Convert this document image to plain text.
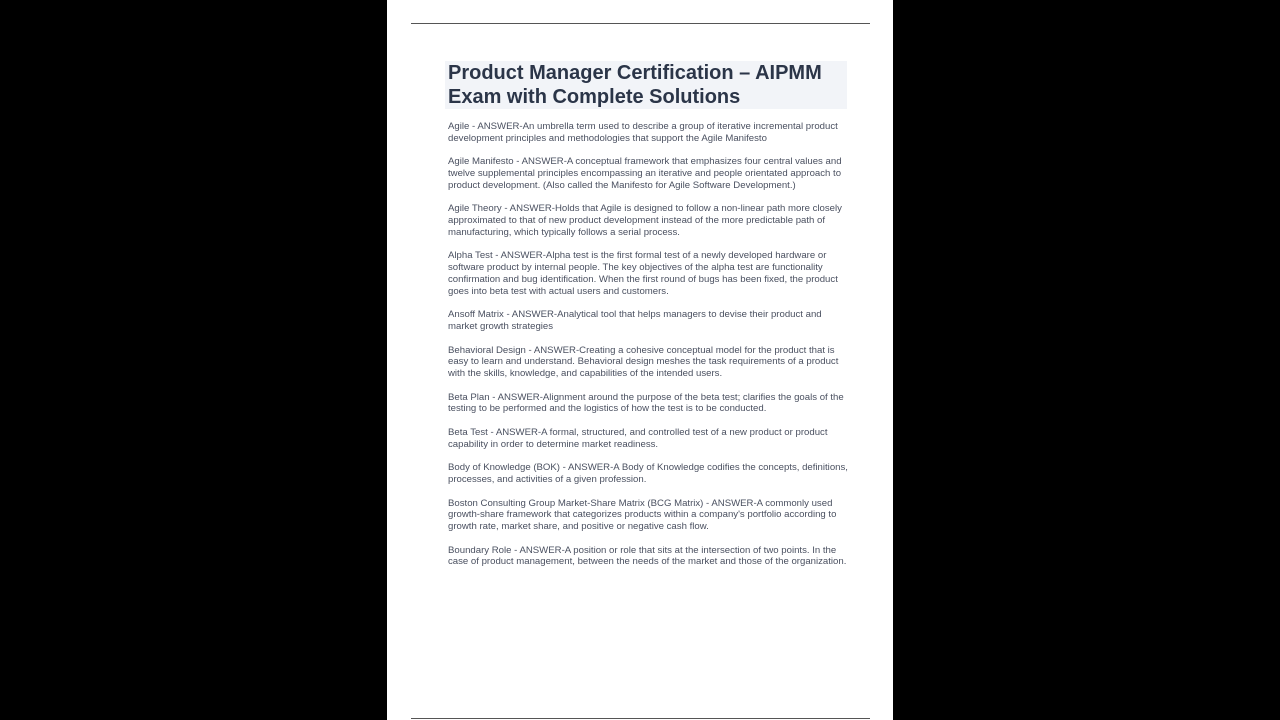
Product Manager Certification – AIPMM Exam with Complete Solutions

Agile - ANSWER-An umbrella term used to describe a group of iterative incremental product development principles and methodologies that support the Agile Manifesto

Agile Manifesto - ANSWER-A conceptual framework that emphasizes four central values and twelve supplemental principles encompassing an iterative and people orientated approach to product development. (Also called the Manifesto for Agile Software Development.)

Agile Theory - ANSWER-Holds that Agile is designed to follow a non-linear path more closely approximated to that of new product development instead of the more predictable path of manufacturing, which typically follows a serial process.

Alpha Test - ANSWER-Alpha test is the first formal test of a newly developed hardware or software product by internal people. The key objectives of the alpha test are functionality confirmation and bug identification. When the first round of bugs has been fixed, the product goes into beta test with actual users and customers.

Ansoff Matrix - ANSWER-Analytical tool that helps managers to devise their product and market growth strategies

Behavioral Design - ANSWER-Creating a cohesive conceptual model for the product that is easy to learn and understand. Behavioral design meshes the task requirements of a product with the skills, knowledge, and capabilities of the intended users.

Beta Plan - ANSWER-Alignment around the purpose of the beta test; clarifies the goals of the testing to be performed and the logistics of how the test is to be conducted.

Beta Test - ANSWER-A formal, structured, and controlled test of a new product or product capability in order to determine market readiness.

Body of Knowledge (BOK) - ANSWER-A Body of Knowledge codifies the concepts, definitions, processes, and activities of a given profession.

Boston Consulting Group Market-Share Matrix (BCG Matrix) - ANSWER-A commonly used growth-share framework that categorizes products within a company's portfolio according to growth rate, market share, and positive or negative cash flow.

Boundary Role - ANSWER-A position or role that sits at the intersection of two points. In the case of product management, between the needs of the market and those of the organization.
